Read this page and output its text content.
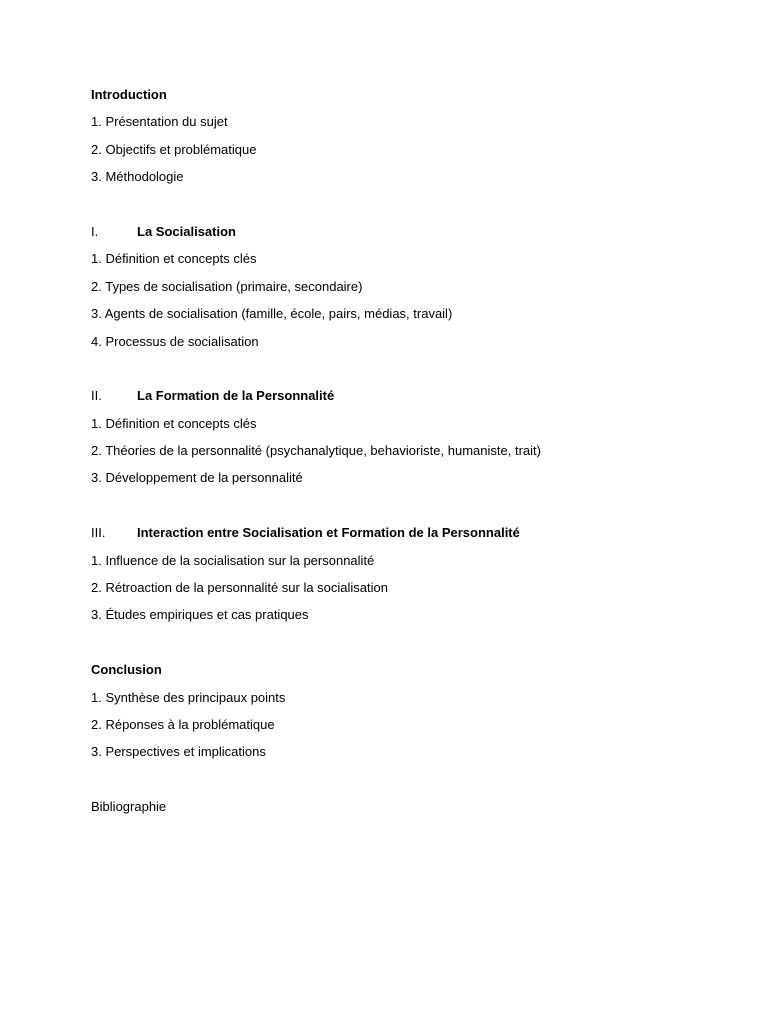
Introduction
1. Présentation du sujet
2. Objectifs et problématique
3. Méthodologie
I.	La Socialisation
1. Définition et concepts clés
2. Types de socialisation (primaire, secondaire)
3. Agents de socialisation (famille, école, pairs, médias, travail)
4. Processus de socialisation
II.	La Formation de la Personnalité
1. Définition et concepts clés
2. Théories de la personnalité (psychanalytique, behavioriste, humaniste, trait)
3. Développement de la personnalité
III.	Interaction entre Socialisation et Formation de la Personnalité
1. Influence de la socialisation sur la personnalité
2. Rétroaction de la personnalité sur la socialisation
3. Études empiriques et cas pratiques
Conclusion
1. Synthèse des principaux points
2. Réponses à la problématique
3. Perspectives et implications
Bibliographie
